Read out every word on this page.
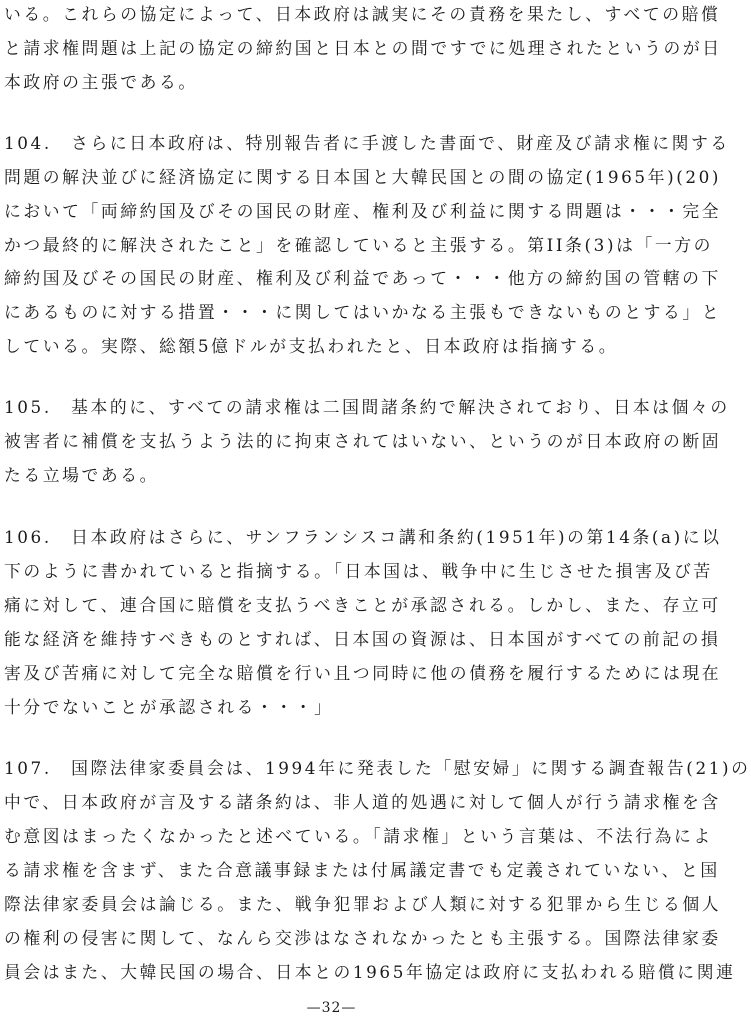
いる。これらの協定によって、日本政府は誠実にその責務を果たし、すべての賠償
と請求権問題は上記の協定の締約国と日本との間ですでに処理されたというのが日
本政府の主張である。
104.　さらに日本政府は、特別報告者に手渡した書面で、財産及び請求権に関する
問題の解決並びに経済協定に関する日本国と大韓民国との間の協定(1965年)(20)
において「両締約国及びその国民の財産、権利及び利益に関する問題は・・・完全
かつ最終的に解決されたこと」を確認していると主張する。第II条(3)は「一方の
締約国及びその国民の財産、権利及び利益であって・・・他方の締約国の管轄の下
にあるものに対する措置・・・に関してはいかなる主張もできないものとする」と
している。実際、総額5億ドルが支払われたと、日本政府は指摘する。
105.　基本的に、すべての請求権は二国間諸条約で解決されており、日本は個々の
被害者に補償を支払うよう法的に拘束されてはいない、というのが日本政府の断固
たる立場である。
106.　日本政府はさらに、サンフランシスコ講和条約(1951年)の第14条(a)に以
下のように書かれていると指摘する。「日本国は、戦争中に生じさせた損害及び苦
痛に対して、連合国に賠償を支払うべきことが承認される。しかし、また、存立可
能な経済を維持すべきものとすれば、日本国の資源は、日本国がすべての前記の損
害及び苦痛に対して完全な賠償を行い且つ同時に他の債務を履行するためには現在
十分でないことが承認される・・・」
107.　国際法律家委員会は、1994年に発表した「慰安婦」に関する調査報告(21)の
中で、日本政府が言及する諸条約は、非人道的処遇に対して個人が行う請求権を含
む意図はまったくなかったと述べている。「請求権」という言葉は、不法行為によ
る請求権を含まず、また合意議事録または付属議定書でも定義されていない、と国
際法律家委員会は論じる。また、戦争犯罪および人類に対する犯罪から生じる個人
の権利の侵害に関して、なんら交渉はなされなかったとも主張する。国際法律家委
員会はまた、大韓民国の場合、日本との1965年協定は政府に支払われる賠償に関連
—32—
